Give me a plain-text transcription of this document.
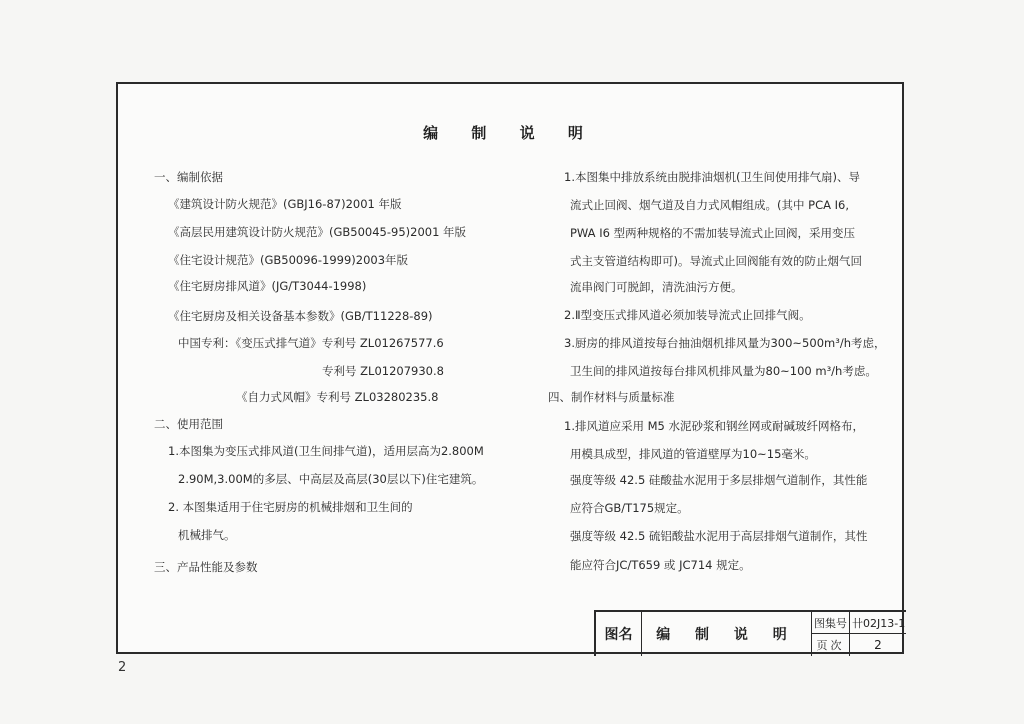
编 制 说 明
一、编制依据
《建筑设计防火规范》(GBJ16-87)2001 年版
《高层民用建筑设计防火规范》(GB50045-95)2001 年版
《住宅设计规范》(GB50096-1999)2003年版
《住宅厨房排风道》(JG/T3044-1998)
《住宅厨房及相关设备基本参数》(GB/T11228-89)
中国专利：《变压式排气道》专利号 ZL01267577.6
专利号 ZL01207930.8
《自力式风帽》专利号 ZL03280235.8
二、使用范围
1.本图集为变压式排风道(卫生间排气道)，适用层高为2.800M
2.90M,3.00M的多层、中高层及高层(30层以下)住宅建筑。
2. 本图集适用于住宅厨房的机械排烟和卫生间的
机械排气。
三、产品性能及参数
1.本图集中排放系统由脱排油烟机(卫生间使用排气扇)、导
流式止回阀、烟气道及自力式风帽组成。(其中 PCA Ⅰ6,
PWA Ⅰ6 型两种规格的不需加装导流式止回阀，采用变压
式主支管道结构即可)。导流式止回阀能有效的防止烟气回
流串阀门可脱卸，清洗油污方便。
2.Ⅱ型变压式排风道必须加装导流式止回排气阀。
3.厨房的排风道按每台抽油烟机排风量为300~500m³/h考虑，
卫生间的排风道按每台排风机排风量为80~100 m³/h考虑。
四、制作材料与质量标准
1.排风道应采用 M5 水泥砂浆和钢丝网或耐碱玻纤网格布，
用模具成型，排风道的管道壁厚为10~15毫米。
强度等级 42.5 硅酸盐水泥用于多层排烟气道制作，其性能
应符合GB/T175规定。
强度等级 42.5 硫铝酸盐水泥用于高层排烟气道制作，其性
能应符合JC/T659 或 JC714 规定。
图名	编 制 说 明
图集号 卄02J13-1
页次	2
2
